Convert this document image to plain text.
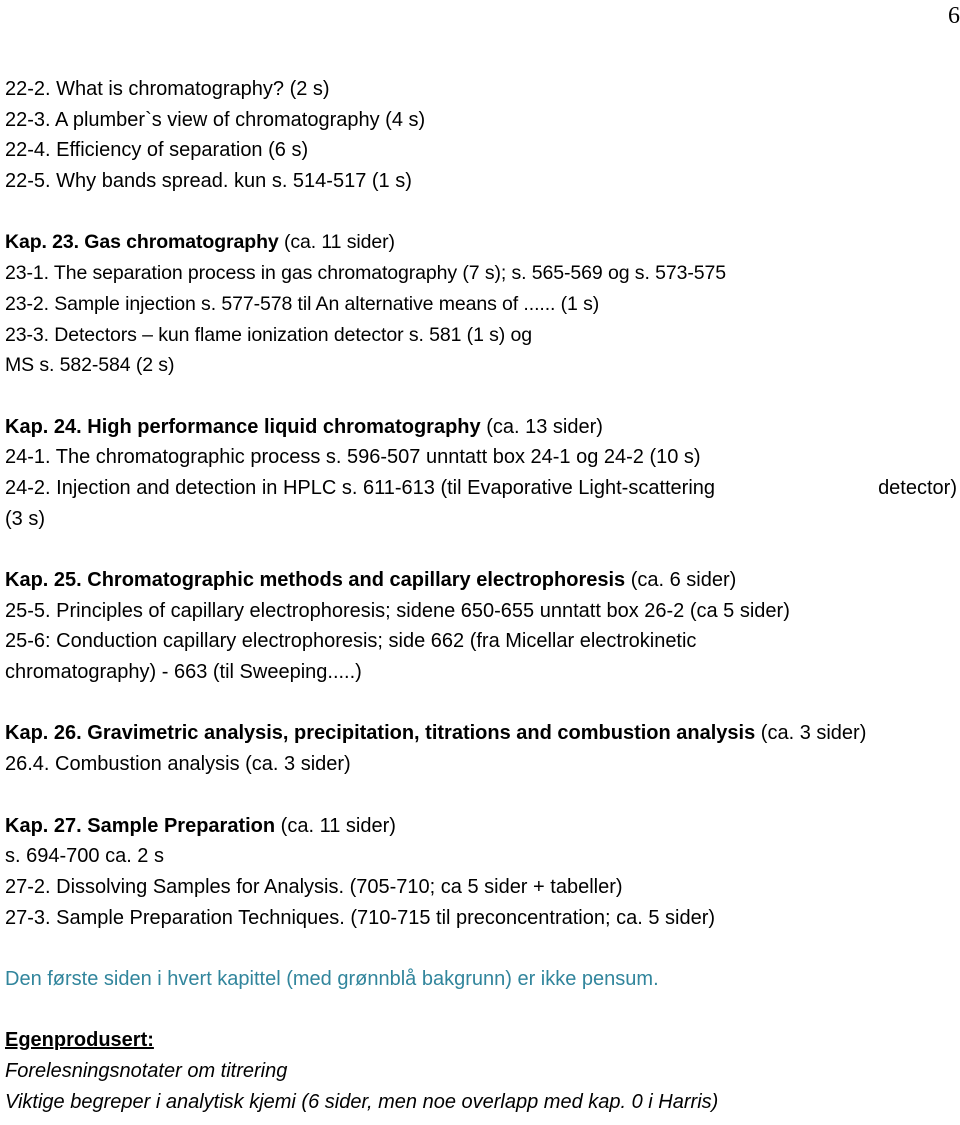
6
22-2. What is chromatography? (2 s)
22-3. A plumber`s view of chromatography (4 s)
22-4. Efficiency of separation (6 s)
22-5. Why bands spread. kun s. 514-517 (1 s)
Kap. 23. Gas chromatography (ca. 11 sider)
23-1. The separation process in gas chromatography (7 s); s. 565-569 og s. 573-575
23-2. Sample injection s. 577-578 til An alternative means of ...... (1 s)
23-3. Detectors – kun flame ionization detector s. 581 (1 s) og
MS s. 582-584 (2 s)
Kap. 24. High performance liquid chromatography (ca. 13 sider)
24-1. The chromatographic process s. 596-507 unntatt box 24-1 og 24-2 (10 s)
24-2. Injection and detection in HPLC s. 611-613 (til Evaporative Light-scattering	detector)
(3 s)
Kap. 25. Chromatographic methods and capillary electrophoresis (ca. 6 sider)
25-5. Principles of capillary electrophoresis; sidene 650-655 unntatt box 26-2 (ca 5 sider)
25-6: Conduction capillary electrophoresis; side 662 (fra Micellar electrokinetic
chromatography) - 663 (til Sweeping.....)
Kap. 26. Gravimetric analysis, precipitation, titrations and combustion analysis (ca. 3 sider)
26.4. Combustion analysis (ca. 3 sider)
Kap. 27. Sample Preparation (ca. 11 sider)
s. 694-700 ca. 2 s
27-2. Dissolving Samples for Analysis. (705-710; ca 5 sider + tabeller)
27-3. Sample Preparation Techniques. (710-715 til preconcentration; ca. 5 sider)
Den første siden i hvert kapittel (med grønnblå bakgrunn) er ikke pensum.
Egenprodusert:
Forelesningsnotater om titrering
Viktige begreper i analytisk kjemi (6 sider, men noe overlapp med kap. 0 i Harris)
